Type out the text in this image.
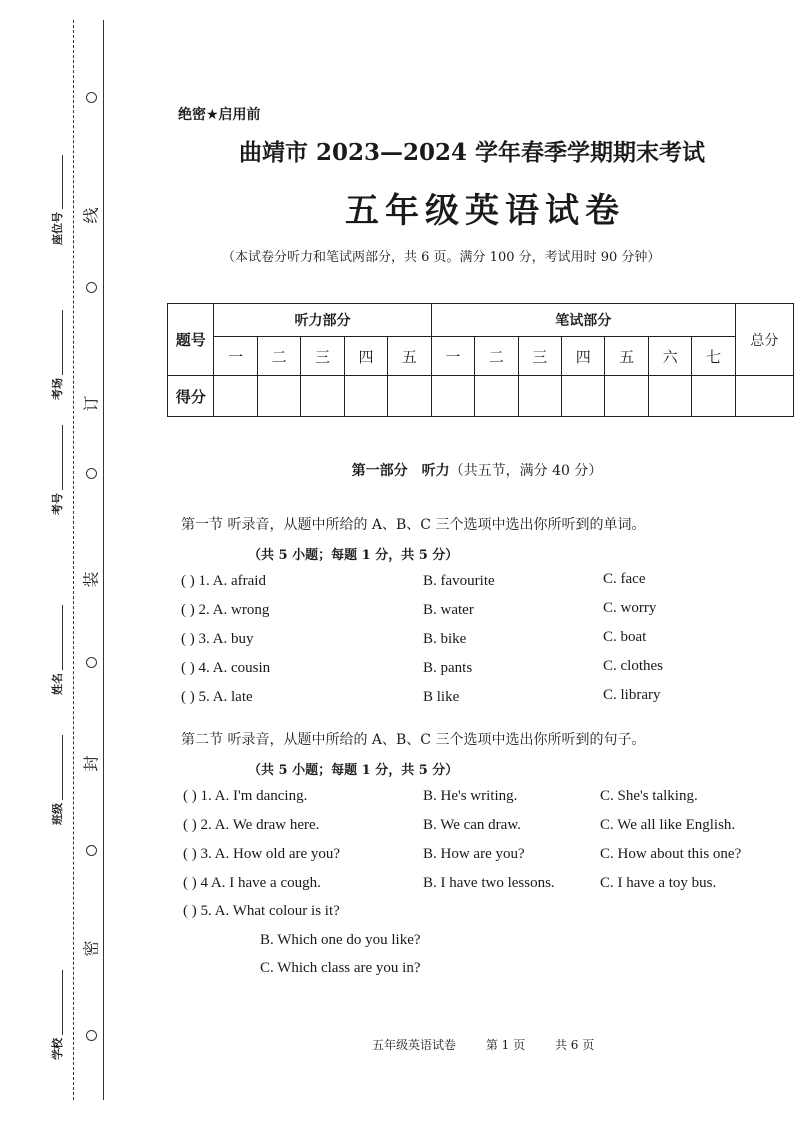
线
订
装
封
密
座位号
考场
考号
姓名
班级
学校
绝密★启用前
曲靖市 2023—2024 学年春季学期期末考试
五年级英语试卷
（本试卷分听力和笔试两部分，共 6 页。满分 100 分，考试用时 90 分钟）
题号	听力部分					笔试部分							总分
	一	二	三	四	五	一	二	三	四	五	六	七	
得分													
第一部分　听力（共五节，满分 40 分）
第一节 听录音，从题中所给的 A、B、C 三个选项中选出你所听到的单词。
（共 5 小题；每题 1 分，共 5 分）
( ) 1. A. afraid	B. favourite	C. face
( ) 2. A. wrong	B. water	C. worry
( ) 3. A. buy	B. bike	C. boat
( ) 4. A. cousin	B. pants	C. clothes
( ) 5. A. late	B like	C. library
第二节 听录音，从题中所给的 A、B、C 三个选项中选出你所听到的句子。
（共 5 小题；每题 1 分，共 5 分）
( ) 1. A. I'm dancing.	B. He's writing.	C. She's talking.
( ) 2. A. We draw here.	B. We can draw.	C. We all like English.
( ) 3. A. How old are you?	B. How are you?	C. How about this one?
( ) 4 A. I have a cough.	B. I have two lessons.	C. I have a toy bus.
( ) 5. A. What colour is it?
B. Which one do you like?
C. Which class are you in?
五年级英语试卷 第 1 页 共 6 页
